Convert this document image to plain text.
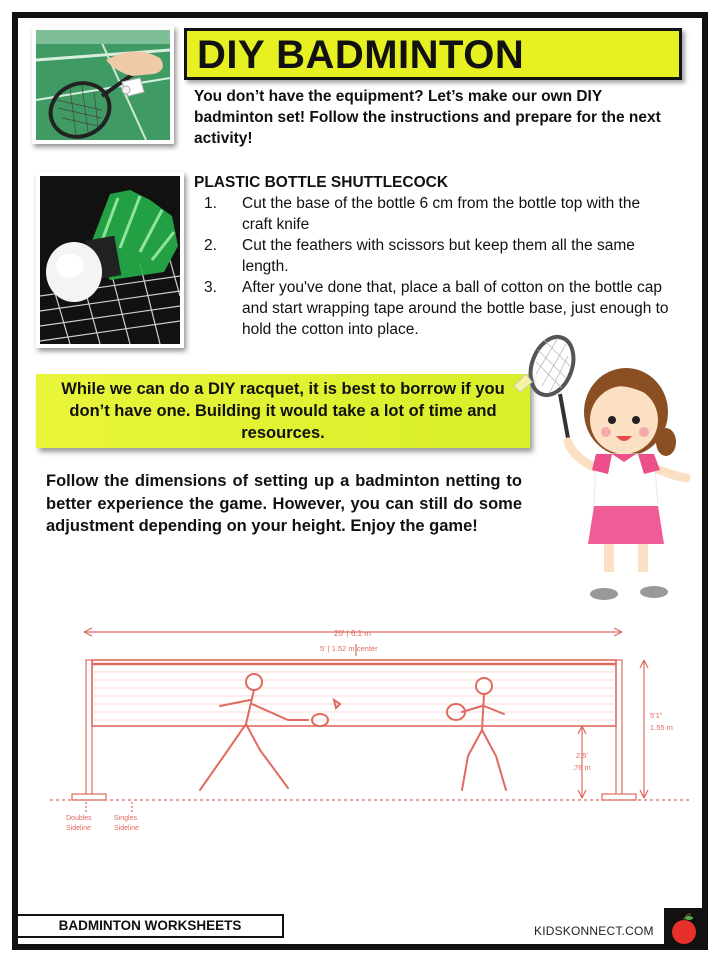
DIY BADMINTON

You don’t have the equipment? Let’s make our own DIY badminton set! Follow the instructions and prepare for the next activity!

PLASTIC BOTTLE SHUTTLECOCK
1. Cut the base of the bottle 6 cm from the bottle top with the craft knife
2. Cut the feathers with scissors but keep them all the same length.
3. After you've done that, place a ball of cotton on the bottle cap and start wrapping tape around the bottle base, just enough to hold the cotton into place.

While we can do a DIY racquet, it is best to borrow if you don’t have one. Building it would take a lot of time and resources.

Follow the dimensions of setting up a badminton netting to better experience the game. However, you can still do some adjustment depending on your height. Enjoy the game!

20' | 6.1 m
5' | 1.52 m center
5'1"
1.55 m
2.5'
.76 m
Doubles
Sideline
Singles
Sideline
BADMINTON WORKSHEETS	KIDSKONNECT.COM
